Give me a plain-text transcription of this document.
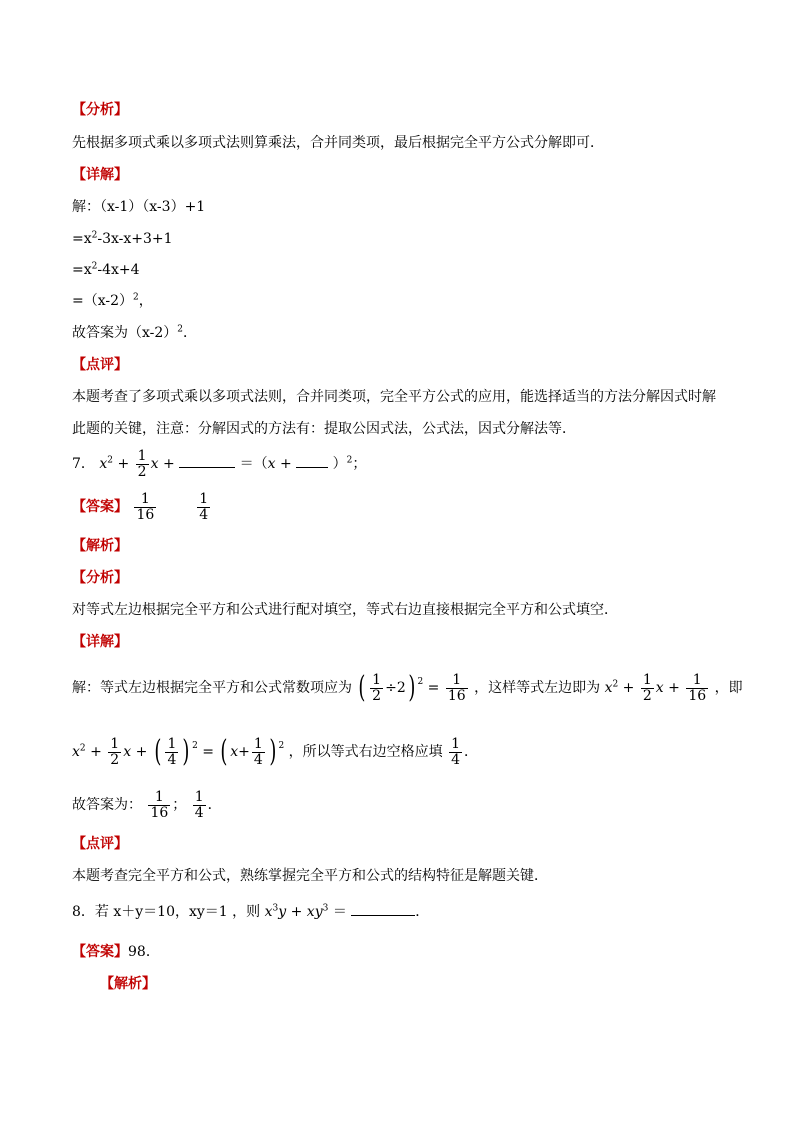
【分析】
先根据多项式乘以多项式法则算乘法，合并同类项，最后根据完全平方公式分解即可．
【详解】
解：（x-1）（x-3）+1
$=x^2-3x-x+3+1$
$=x^2-4x+4$
$=(x-2)^2$，
故答案为$(x-2)^2$．
【点评】
本题考查了多项式乘以多项式法则，合并同类项，完全平方公式的应用，能选择适当的方法分解因式时解
此题的关键，注意：分解因式的方法有：提取公因式法，公式法，因式分解法等．
7． $x^2 + \frac{1}{2}$ x +	＝（x +	）$^2$；
【答案】 $\frac{1}{16}$
	$\frac{1}{4}$
【解析】
【分析】
对等式左边根据完全平方和公式进行配对填空，等式右边直接根据完全平方和公式填空．
【详解】
解：等式左边根据完全平方和公式常数项应为 ( $\frac{1}{2} \div 2$) $^2 = \frac{1}{16}$ ，这样等式左边即为 $x^2 + \frac{1}{2}$ $x + \frac{1}{16}$ ，即
$x^2 + \frac{1}{2}$ x + ( $\frac{1}{4}$ ) $^2$ = ( $x+ \frac{1}{4}$ ) $^2$ ，所以等式右边空格应填 $\frac{1}{4}$ ．
故答案为： $\frac{1}{16}$ ； $\frac{1}{4}$ ．
【点评】
本题考查完全平方和公式，熟练掌握完全平方和公式的结构特征是解题关键．
8．若 x＋y＝10，xy＝1 ，则 $x^3y + xy^3$ ＝	．
【答案】98．
【解析】
